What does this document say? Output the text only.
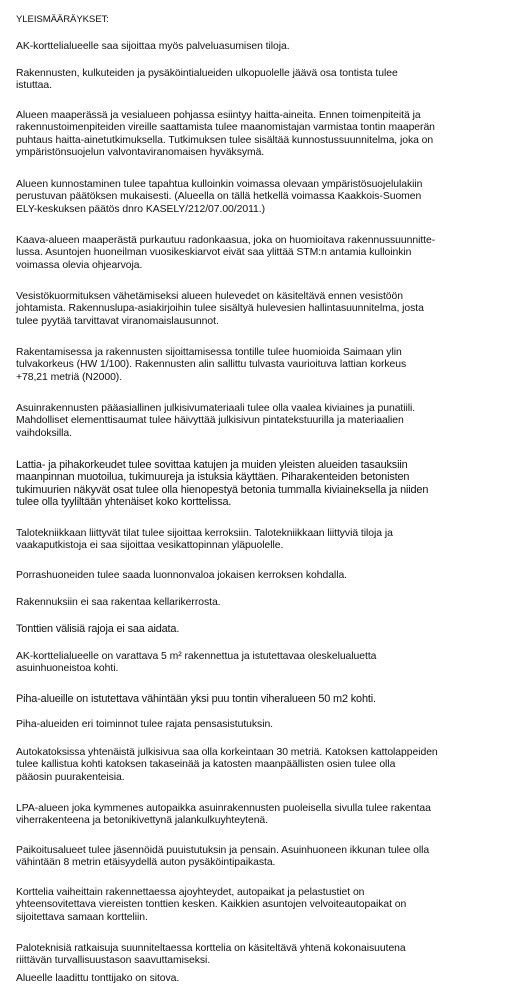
YLEISMÄÄRÄYKSET:
AK-korttelialueelle saa sijoittaa myös palveluasumisen tiloja.
Rakennusten, kulkuteiden ja pysäköintialueiden ulkopuolelle jäävä osa tontista tulee
istuttaa.
Alueen maaperässä ja vesialueen pohjassa esiintyy haitta-aineita. Ennen toimenpiteitä ja
rakennustoimenpiteiden vireille saattamista tulee maanomistajan varmistaa tontin maaperän
puhtaus haitta-ainetutkimuksella. Tutkimuksen tulee sisältää kunnostussuunnitelma, joka on
ympäristönsuojelun valvontaviranomaisen hyväksymä.
Alueen kunnostaminen tulee tapahtua kulloinkin voimassa olevaan ympäristösuojelulakiin
perustuvan päätöksen mukaisesti. (Alueella on tällä hetkellä voimassa Kaakkois-Suomen
ELY-keskuksen päätös dnro KASELY/212/07.00/2011.)
Kaava-alueen maaperästä purkautuu radonkaasua, joka on huomioitava rakennussuunnitte-
lussa. Asuntojen huoneilman vuosikeskiarvot eivät saa ylittää STM:n antamia kulloinkin
voimassa olevia ohjearvoja.
Vesistökuormituksen vähetämiseksi alueen hulevedet on käsiteltävä ennen vesistöön
johtamista. Rakennuslupa-asiakirjoihin tulee sisältyä hulevesien hallintasuunnitelma, josta
tulee pyytää tarvittavat viranomaislausunnot.
Rakentamisessa ja rakennusten sijoittamisessa tontille tulee huomioida Saimaan ylin
tulvakorkeus (HW 1/100). Rakennusten alin sallittu tulvasta vaurioituva lattian korkeus
+78,21 metriä (N2000).
Asuinrakennusten pääasiallinen julkisivumateriaali tulee olla vaalea kiviaines ja punatiili.
Mahdolliset elementtisaumat tulee häivyttää julkisivun pintatekstuurilla ja materiaalien
vaihdoksilla.
Lattia- ja pihakorkeudet tulee sovittaa katujen ja muiden yleisten alueiden tasauksiin
maanpinnan muotoilua, tukimuureja ja istuksia käyttäen. Piharakenteiden betonisten
tukimuurien näkyvät osat tulee olla hienopestyä betonia tummalla kiviaineksella ja niiden
tulee olla tyyliltään yhtenäiset koko korttelissa.
Talotekniikkaan liittyvät tilat tulee sijoittaa kerroksiin. Talotekniikkaan liittyviä tiloja ja
vaakaputkistoja ei saa sijoittaa vesikattopinnan yläpuolelle.
Porrashuoneiden tulee saada luonnonvaloa jokaisen kerroksen kohdalla.
Rakennuksiin ei saa rakentaa kellarikerrosta.
Tonttien välisiä rajoja ei saa aidata.
AK-korttelialueelle on varattava 5 m² rakennettua ja istutettavaa oleskelualuetta
asuinhuoneistoa kohti.
Piha-alueille on istutettava vähintään yksi puu tontin viheralueen 50 m2 kohti.
Piha-alueiden eri toiminnot tulee rajata pensasistutuksin.
Autokatoksissa yhtenäistä julkisivua saa olla korkeintaan 30 metriä. Katoksen kattolappeiden
tulee kallistua kohti katoksen takaseinää ja katosten maanpäällisten osien tulee olla
pääosin puurakenteisia.
LPA-alueen joka kymmenes autopaikka asuinrakennusten puoleisella sivulla tulee rakentaa
viherrakenteena ja betonikivettynä jalankulkuyhteytenä.
Paikoitusalueet tulee jäsennöidä puuistutuksin ja pensain. Asuinhuoneen ikkunan tulee olla
vähintään 8 metrin etäisyydellä auton pysäköintipaikasta.
Korttelia vaiheittain rakennettaessa ajoyhteydet, autopaikat ja pelastustiet on
yhteensovitettava viereisten tonttien kesken. Kaikkien asuntojen velvoiteautopaikat on
sijoitettava samaan kortteliin.
Paloteknisiä ratkaisuja suunniteltaessa korttelia on käsiteltävä yhtenä kokonaisuutena
riittävän turvallisuustason saavuttamiseksi.
Alueelle laadittu tonttijako on sitova.
